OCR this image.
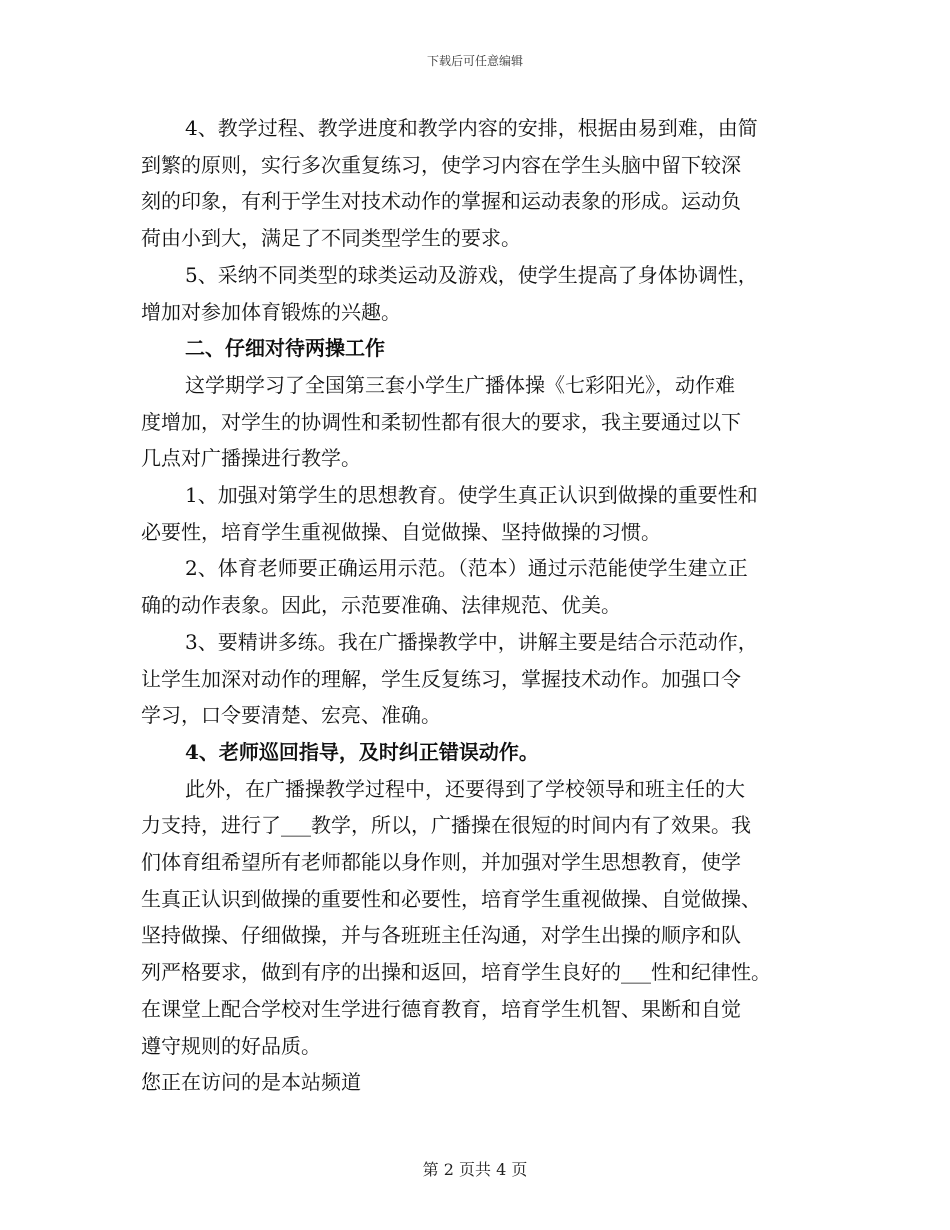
下载后可任意编辑

4、教学过程、教学进度和教学内容的安排，根据由易到难，由简
到繁的原则，实行多次重复练习，使学习内容在学生头脑中留下较深
刻的印象，有利于学生对技术动作的掌握和运动表象的形成。运动负
荷由小到大，满足了不同类型学生的要求。

5、采纳不同类型的球类运动及游戏，使学生提高了身体协调性，
增加对参加体育锻炼的兴趣。

二、仔细对待两操工作

这学期学习了全国第三套小学生广播体操《七彩阳光》，动作难
度增加，对学生的协调性和柔韧性都有很大的要求，我主要通过以下
几点对广播操进行教学。

1、加强对第学生的思想教育。使学生真正认识到做操的重要性和
必要性，培育学生重视做操、自觉做操、坚持做操的习惯。

2、体育老师要正确运用示范。（范本）通过示范能使学生建立正
确的动作表象。因此，示范要准确、法律规范、优美。

3、要精讲多练。我在广播操教学中，讲解主要是结合示范动作，
让学生加深对动作的理解，学生反复练习，掌握技术动作。加强口令
学习，口令要清楚、宏亮、准确。

4、老师巡回指导，及时纠正错误动作。

此外，在广播操教学过程中，还要得到了学校领导和班主任的大
力支持，进行了___教学，所以，广播操在很短的时间内有了效果。我
们体育组希望所有老师都能以身作则，并加强对学生思想教育，使学
生真正认识到做操的重要性和必要性，培育学生重视做操、自觉做操、
坚持做操、仔细做操，并与各班班主任沟通，对学生出操的顺序和队
列严格要求，做到有序的出操和返回，培育学生良好的___性和纪律性。
在课堂上配合学校对生学进行德育教育，培育学生机智、果断和自觉
遵守规则的好品质。

您正在访问的是本站频道

第 2 页共 4 页
